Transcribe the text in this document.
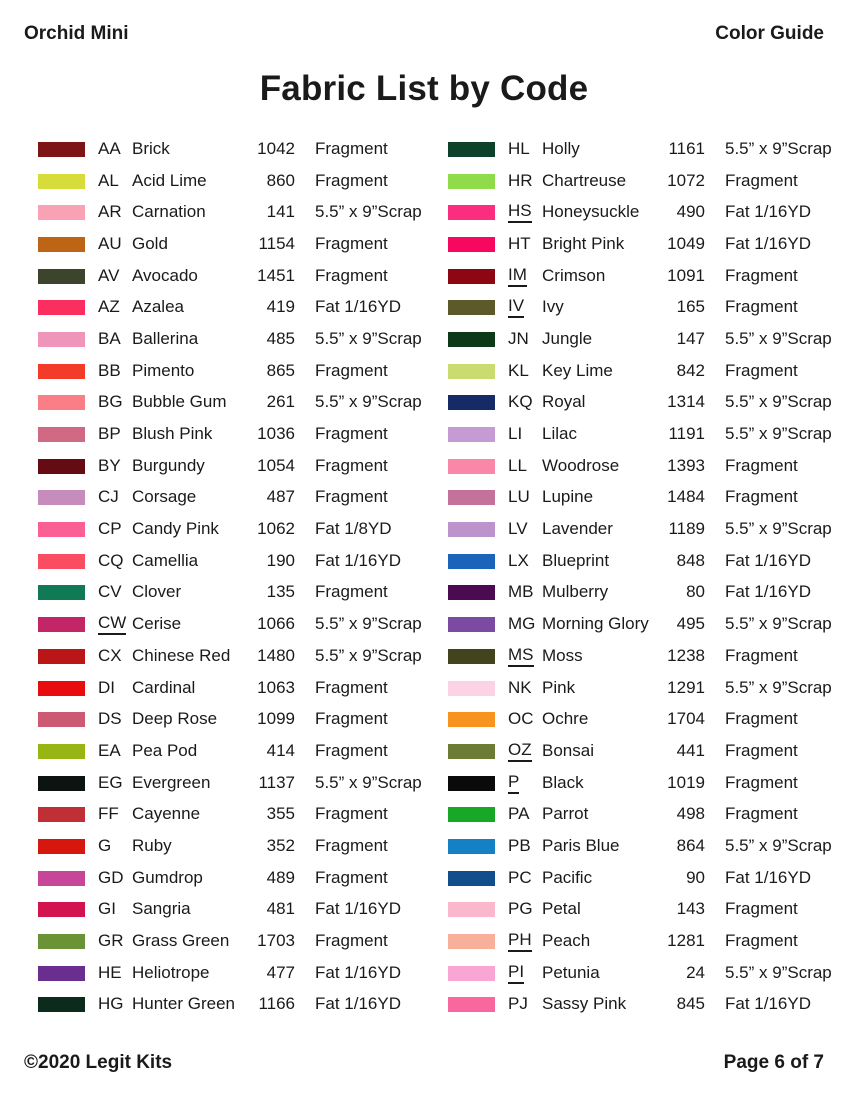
Orchid Mini	Color Guide
Fabric List by Code
AA Brick	1042	Fragment
AL Acid Lime	860	Fragment
AR Carnation	141	5.5” x 9”Scrap
AU Gold	1154	Fragment
AV Avocado	1451	Fragment
AZ Azalea	419	Fat 1/16YD
BA Ballerina	485	5.5” x 9”Scrap
BB Pimento	865	Fragment
BG Bubble Gum	261	5.5” x 9”Scrap
BP Blush Pink	1036	Fragment
BY Burgundy	1054	Fragment
CJ Corsage	487	Fragment
CP Candy Pink	1062	Fat 1/8YD
CQ Camellia	190	Fat 1/16YD
CV Clover	135	Fragment
CW Cerise	1066	5.5” x 9”Scrap
CX Chinese Red	1480	5.5” x 9”Scrap
DI	Cardinal	1063	Fragment
DS Deep Rose	1099	Fragment
EA Pea Pod	414	Fragment
EG Evergreen	1137	5.5” x 9”Scrap
FF Cayenne	355	Fragment
G	Ruby	352	Fragment
GD Gumdrop	489	Fragment
GI Sangria	481	Fat 1/16YD
GR Grass Green	1703	Fragment
HE Heliotrope	477	Fat 1/16YD
HG Hunter Green	1166	Fat 1/16YD
HL Holly	1161	5.5” x 9”Scrap
HR Chartreuse	1072	Fragment
HS Honeysuckle	490	Fat 1/16YD
HT Bright Pink	1049	Fat 1/16YD
IM Crimson	1091	Fragment
IV	Ivy	165	Fragment
JN Jungle	147	5.5” x 9”Scrap
KL Key Lime	842	Fragment
KQ Royal	1314	5.5” x 9”Scrap
LI	Lilac	1191	5.5” x 9”Scrap
LL Woodrose	1393	Fragment
LU Lupine	1484	Fragment
LV Lavender	1189	5.5” x 9”Scrap
LX Blueprint	848	Fat 1/16YD
MB Mulberry	80	Fat 1/16YD
MG Morning Glory	495	5.5” x 9”Scrap
MS Moss	1238	Fragment
NK Pink	1291	5.5” x 9”Scrap
OC Ochre	1704	Fragment
OZ Bonsai	441	Fragment
P	Black	1019	Fragment
PA Parrot	498	Fragment
PB Paris Blue	864	5.5” x 9”Scrap
PC Pacific	90	Fat 1/16YD
PG Petal	143	Fragment
PH Peach	1281	Fragment
PI	Petunia	24	5.5” x 9”Scrap
PJ Sassy Pink	845	Fat 1/16YD
©2020 Legit Kits	Page 6 of 7
